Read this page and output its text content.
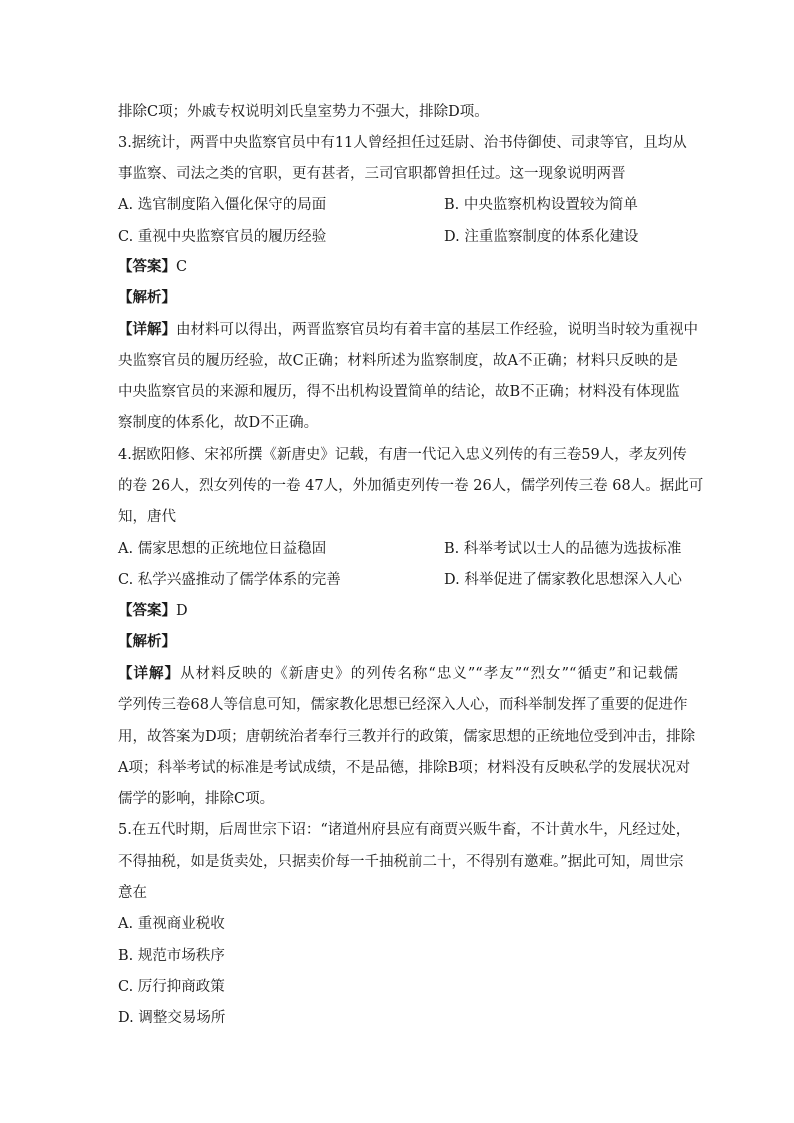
排除C项；外戚专权说明刘氏皇室势力不强大，排除D项。
3.据统计，两晋中央监察官员中有11人曾经担任过廷尉、治书侍御使、司隶等官，且均从
事监察、司法之类的官职，更有甚者，三司官职都曾担任过。这一现象说明两晋
A. 选官制度陷入僵化保守的局面	B. 中央监察机构设置较为简单
C. 重视中央监察官员的履历经验	D. 注重监察制度的体系化建设
【答案】C
【解析】
【详解】由材料可以得出，两晋监察官员均有着丰富的基层工作经验，说明当时较为重视中
央监察官员的履历经验，故C正确；材料所述为监察制度，故A不正确；材料只反映的是
中央监察官员的来源和履历，得不出机构设置简单的结论，故B不正确；材料没有体现监
察制度的体系化，故D不正确。
4.据欧阳修、宋祁所撰《新唐史》记载，有唐一代记入忠义列传的有三卷59人，孝友列传
的卷 26人，烈女列传的一卷 47人，外加循吏列传一卷 26人，儒学列传三卷 68人。据此可
知，唐代
A. 儒家思想的正统地位日益稳固	B. 科举考试以士人的品德为选拔标准
C. 私学兴盛推动了儒学体系的完善	D. 科举促进了儒家教化思想深入人心
【答案】D
【解析】
【详解】从材料反映的《新唐史》的列传名称“忠义”“孝友”“烈女”“循吏”和记载儒
学列传三卷68人等信息可知，儒家教化思想已经深入人心，而科举制发挥了重要的促进作
用，故答案为D项；唐朝统治者奉行三教并行的政策，儒家思想的正统地位受到冲击，排除
A项；科举考试的标准是考试成绩，不是品德，排除B项；材料没有反映私学的发展状况对
儒学的影响，排除C项。
5.在五代时期，后周世宗下诏：“诸道州府县应有商贾兴贩牛畜，不计黄水牛，凡经过处，
不得抽税，如是货卖处，只据卖价每一千抽税前二十，不得别有邀难。”据此可知，周世宗
意在
A. 重视商业税收
B. 规范市场秩序
C. 厉行抑商政策
D. 调整交易场所
